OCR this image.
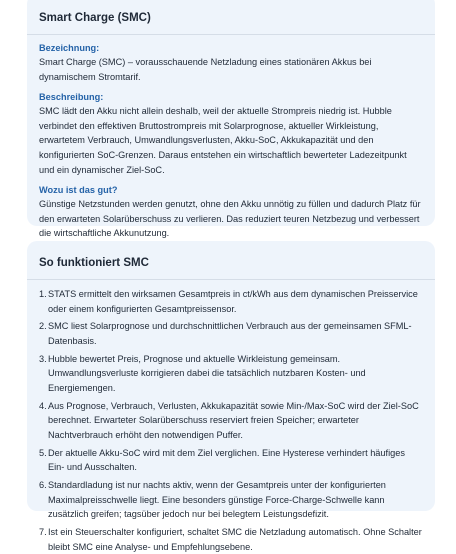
Smart Charge (SMC)

Bezeichnung:

Smart Charge (SMC) – vorausschauende Netzladung eines stationären Akkus bei dynamischem Stromtarif.

Beschreibung:

SMC lädt den Akku nicht allein deshalb, weil der aktuelle Strompreis niedrig ist. Hubble verbindet den effektiven Bruttostrompreis mit Solarprognose, aktueller Wirkleistung, erwartetem Verbrauch, Umwandlungsverlusten, Akku-SoC, Akkukapazität und den konfigurierten SoC-Grenzen. Daraus entstehen ein wirtschaftlich bewerteter Ladezeitpunkt und ein dynamischer Ziel-SoC.

Wozu ist das gut?

Günstige Netzstunden werden genutzt, ohne den Akku unnötig zu füllen und dadurch Platz für den erwarteten Solarüberschuss zu verlieren. Das reduziert teuren Netzbezug und verbessert die wirtschaftliche Akkunutzung.

So funktioniert SMC
1. STATS ermittelt den wirksamen Gesamtpreis in ct/kWh aus dem dynamischen Preisservice oder einem konfigurierten Gesamtpreissensor.
2. SMC liest Solarprognose und durchschnittlichen Verbrauch aus der gemeinsamen SFML-Datenbasis.
3. Hubble bewertet Preis, Prognose und aktuelle Wirkleistung gemeinsam. Umwandlungsverluste korrigieren dabei die tatsächlich nutzbaren Kosten- und Energiemengen.
4. Aus Prognose, Verbrauch, Verlusten, Akkukapazität sowie Min-/Max-SoC wird der Ziel-SoC berechnet. Erwarteter Solarüberschuss reserviert freien Speicher; erwarteter Nachtverbrauch erhöht den notwendigen Puffer.
5. Der aktuelle Akku-SoC wird mit dem Ziel verglichen. Eine Hysterese verhindert häufiges Ein- und Ausschalten.
6. Standardladung ist nur nachts aktiv, wenn der Gesamtpreis unter der konfigurierten Maximalpreisschwelle liegt. Eine besonders günstige Force-Charge-Schwelle kann zusätzlich greifen; tagsüber jedoch nur bei belegtem Leistungsdefizit.
7. Ist ein Steuerschalter konfiguriert, schaltet SMC die Netzladung automatisch. Ohne Schalter bleibt SMC eine Analyse- und Empfehlungsebene.
